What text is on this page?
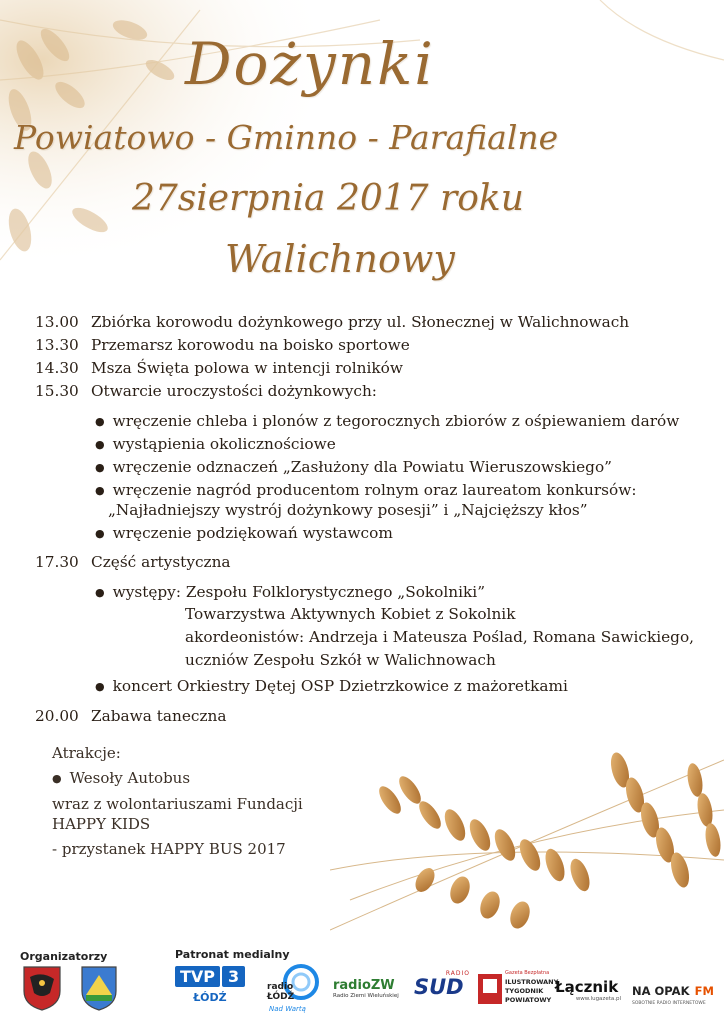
Dożynki
Powiatowo - Gminno - Parafialne
27sierpnia 2017 roku
Walichnowy
13.00 Zbiórka korowodu dożynkowego przy ul. Słonecznej w Walichnowach
13.30 Przemarsz korowodu na boisko sportowe
14.30 Msza Święta polowa w intencji rolników
15.30 Otwarcie uroczystości dożynkowych:
● wręczenie chleba i plonów z tegorocznych zbiorów z ośpiewaniem darów
● wystąpienia okolicznościowe
● wręczenie odznaczeń „Zasłużony dla Powiatu Wieruszowskiego”
● wręczenie nagród producentom rolnym oraz laureatom konkursów:
„Najładniejszy wystrój dożynkowy posesji” i „Najcięższy kłos”
● wręczenie podziękowań wystawcom
17.30 Część artystyczna
● występy: Zespołu Folklorystycznego „Sokolniki”
Towarzystwa Aktywnych Kobiet z Sokolnik
akordeonistów: Andrzeja i Mateusza Poślad, Romana Sawickiego,
uczniów Zespołu Szkół w Walichnowach
● koncert Orkiestry Dętej OSP Dzietrzkowice z mażoretkami
20.00 Zabawa taneczna
Atrakcje:
● Wesoły Autobus
wraz z wolontariuszami Fundacji
HAPPY KIDS
- przystanek HAPPY BUS 2017
Organizatorzy	Patronat medialny
TVP 3
ŁÓDŹ
radio
ŁÓDŹ
Nad Wartą
radioZW
Radio Ziemi Wieluńskiej
RADIO
SUD
Gazeta Bezpłatna
ILUSTROWANY
TYGODNIK
POWIATOWY
Łącznik
www.lugazeta.pl
NA OPAK FM
SOBOTNIE RADIO INTERNETOWE
